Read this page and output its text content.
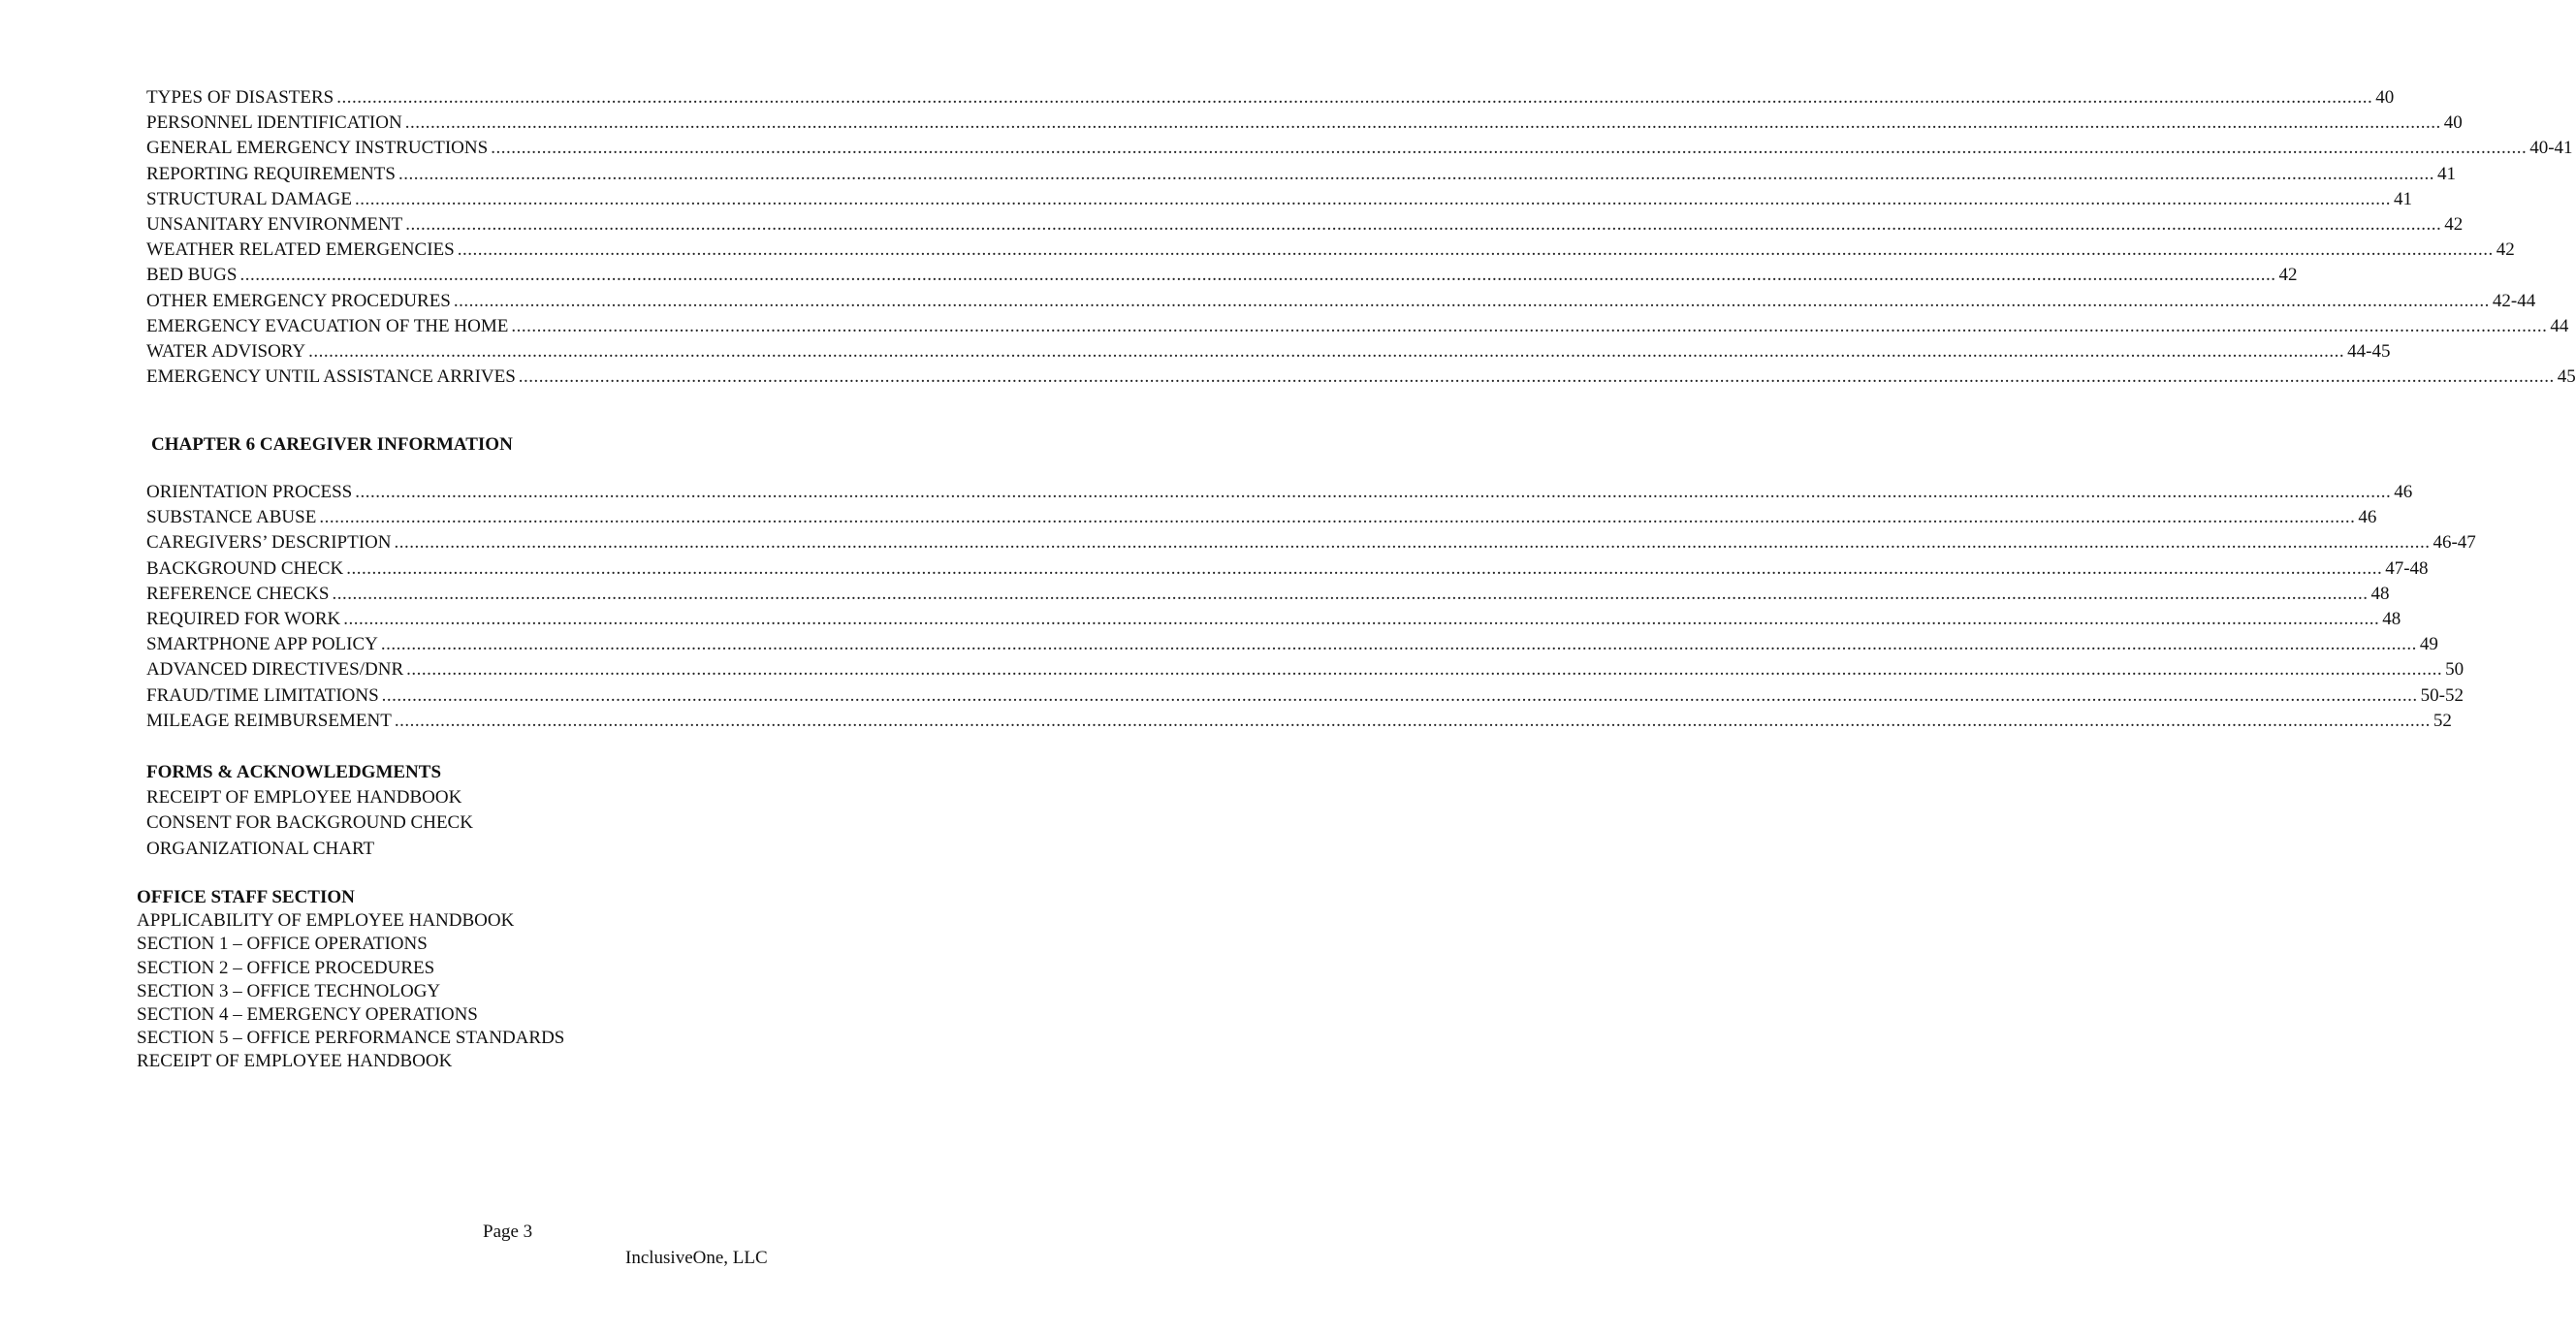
TYPES OF DISASTERS ................................................................................................................................................................................................................................................................................................................................................................................................................ 40
PERSONNEL IDENTIFICATION ................................................................................................................................................................................................................................................................................................................................................................................................................ 40
GENERAL EMERGENCY INSTRUCTIONS ................................................................................................................................................................................................................................................................................................................................................................................................................ 40-41
REPORTING REQUIREMENTS ................................................................................................................................................................................................................................................................................................................................................................................................................ 41
STRUCTURAL DAMAGE ................................................................................................................................................................................................................................................................................................................................................................................................................ 41
UNSANITARY ENVIRONMENT ................................................................................................................................................................................................................................................................................................................................................................................................................ 42
WEATHER RELATED EMERGENCIES ................................................................................................................................................................................................................................................................................................................................................................................................................ 42
BED BUGS ................................................................................................................................................................................................................................................................................................................................................................................................................ 42
OTHER EMERGENCY PROCEDURES ................................................................................................................................................................................................................................................................................................................................................................................................................ 42-44
EMERGENCY EVACUATION OF THE HOME ................................................................................................................................................................................................................................................................................................................................................................................................................ 44
WATER ADVISORY ................................................................................................................................................................................................................................................................................................................................................................................................................ 44-45
EMERGENCY UNTIL ASSISTANCE ARRIVES ................................................................................................................................................................................................................................................................................................................................................................................................................ 45
CHAPTER 6 CAREGIVER INFORMATION
ORIENTATION PROCESS ................................................................................................................................................................................................................................................................................................................................................................................................................ 46
SUBSTANCE ABUSE ................................................................................................................................................................................................................................................................................................................................................................................................................ 46
CAREGIVERS’ DESCRIPTION ................................................................................................................................................................................................................................................................................................................................................................................................................ 46-47
BACKGROUND CHECK ................................................................................................................................................................................................................................................................................................................................................................................................................ 47-48
REFERENCE CHECKS ................................................................................................................................................................................................................................................................................................................................................................................................................ 48
REQUIRED FOR WORK ................................................................................................................................................................................................................................................................................................................................................................................................................ 48
SMARTPHONE APP POLICY ................................................................................................................................................................................................................................................................................................................................................................................................................ 49
ADVANCED DIRECTIVES/DNR ................................................................................................................................................................................................................................................................................................................................................................................................................ 50
FRAUD/TIME LIMITATIONS ................................................................................................................................................................................................................................................................................................................................................................................................................ 50-52
MILEAGE REIMBURSEMENT ................................................................................................................................................................................................................................................................................................................................................................................................................ 52
FORMS & ACKNOWLEDGMENTS
RECEIPT OF EMPLOYEE HANDBOOK
CONSENT FOR BACKGROUND CHECK
ORGANIZATIONAL CHART
OFFICE STAFF SECTION
APPLICABILITY OF EMPLOYEE HANDBOOK
SECTION 1 – OFFICE OPERATIONS
SECTION 2 – OFFICE PROCEDURES
SECTION 3 – OFFICE TECHNOLOGY
SECTION 4 – EMERGENCY OPERATIONS
SECTION 5 – OFFICE PERFORMANCE STANDARDS
RECEIPT OF EMPLOYEE HANDBOOK
Page 3
InclusiveOne, LLC
